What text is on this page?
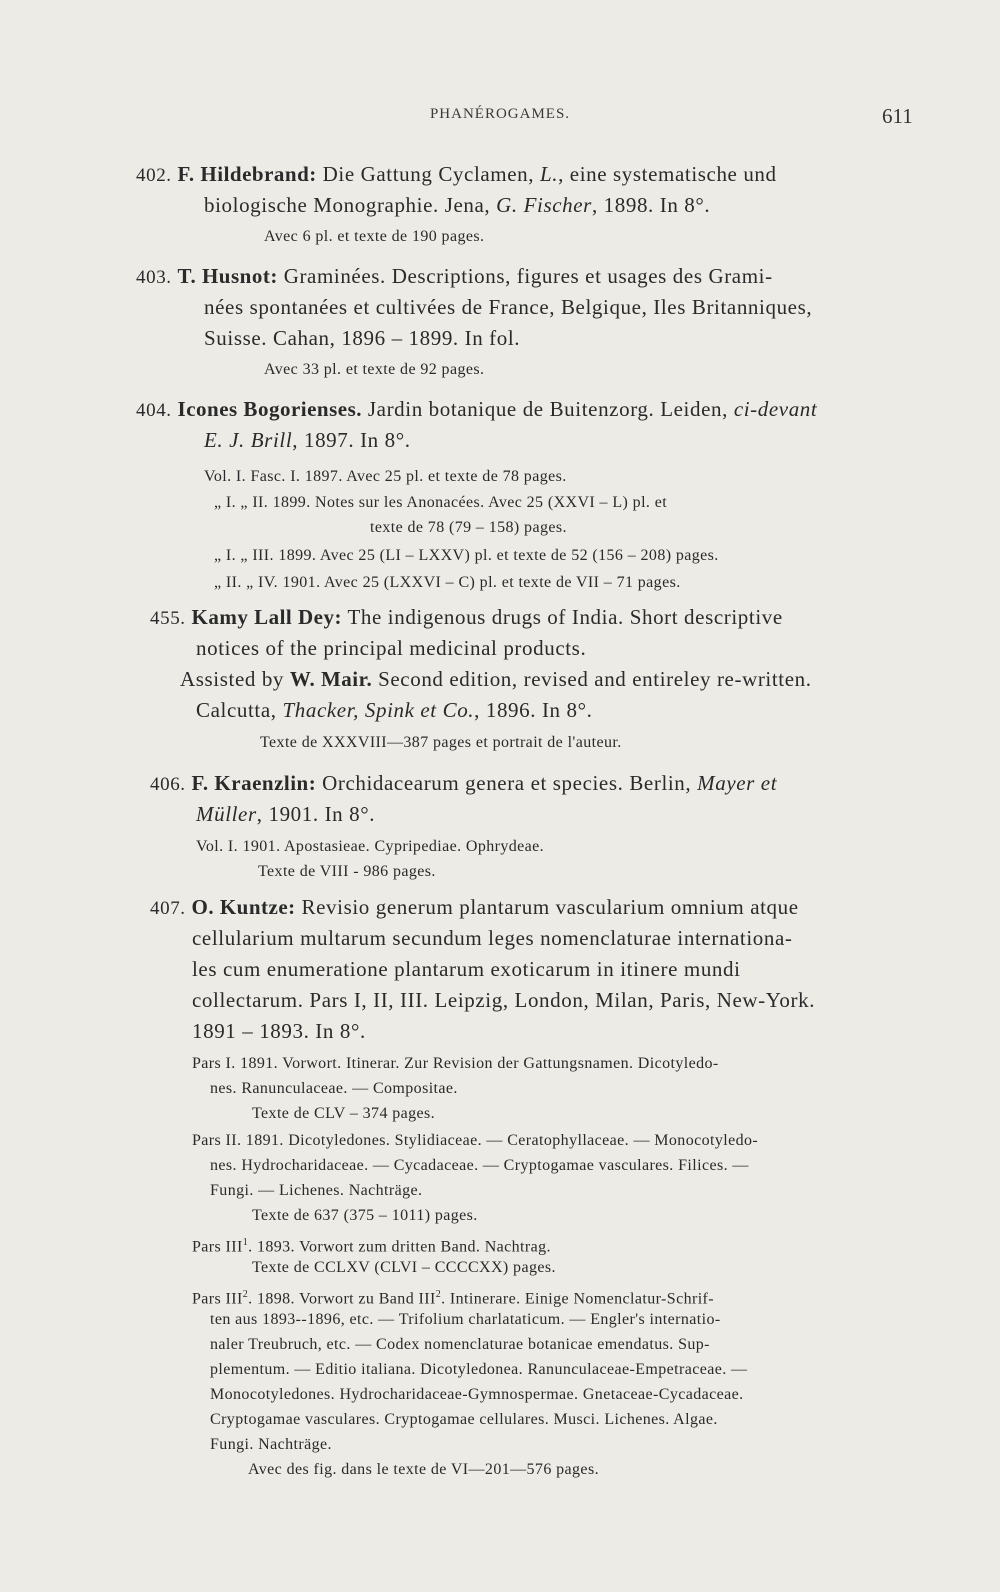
PHANÉROGAMES.	611
402. F. Hildebrand: Die Gattung Cyclamen, L., eine systematische und
biologische Monographie. Jena, G. Fischer, 1898. In 8°.
Avec 6 pl. et texte de 190 pages.
403. T. Husnot: Graminées. Descriptions, figures et usages des Grami-
nées spontanées et cultivées de France, Belgique, Iles Britanniques,
Suisse. Cahan, 1896 – 1899. In fol.
Avec 33 pl. et texte de 92 pages.
404. Icones Bogorienses. Jardin botanique de Buitenzorg. Leiden, ci-devant
E. J. Brill, 1897. In 8°.
Vol. I. Fasc. I. 1897. Avec 25 pl. et texte de 78 pages.
„ I. „ II. 1899. Notes sur les Anonacées. Avec 25 (XXVI – L) pl. et
texte de 78 (79 – 158) pages.
„ I. „ III. 1899. Avec 25 (LI – LXXV) pl. et texte de 52 (156 – 208) pages.
„ II. „ IV. 1901. Avec 25 (LXXVI – C) pl. et texte de VII – 71 pages.
455. Kamy Lall Dey: The indigenous drugs of India. Short descriptive
notices of the principal medicinal products.
Assisted by W. Mair. Second edition, revised and entireley re-written.
Calcutta, Thacker, Spink et Co., 1896. In 8°.
Texte de XXXVIII—387 pages et portrait de l'auteur.
406. F. Kraenzlin: Orchidacearum genera et species. Berlin, Mayer et
Müller, 1901. In 8°.
Vol. I. 1901. Apostasieae. Cypripediae. Ophrydeae.
Texte de VIII - 986 pages.
407. O. Kuntze: Revisio generum plantarum vascularium omnium atque
cellularium multarum secundum leges nomenclaturae internationa-
les cum enumeratione plantarum exoticarum in itinere mundi
collectarum. Pars I, II, III. Leipzig, London, Milan, Paris, New-York.
1891 – 1893. In 8°.
Pars I. 1891. Vorwort. Itinerar. Zur Revision der Gattungsnamen. Dicotyledo-
nes. Ranunculaceae. — Compositae.
Texte de CLV – 374 pages.
Pars II. 1891. Dicotyledones. Stylidiaceae. — Ceratophyllaceae. — Monocotyledo-
nes. Hydrocharidaceae. — Cycadaceae. — Cryptogamae vasculares. Filices. —
Fungi. — Lichenes. Nachträge.
Texte de 637 (375 – 1011) pages.
Pars III$^1$. 1893. Vorwort zum dritten Band. Nachtrag.
Texte de CCLXV (CLVI – CCCCXX) pages.
Pars III$^2$. 1898. Vorwort zu Band III$^2$. Intinerare. Einige Nomenclatur-Schrif-
ten aus 1893--1896, etc. — Trifolium charlataticum. — Engler's internatio-
naler Treubruch, etc. — Codex nomenclaturae botanicae emendatus. Sup-
plementum. — Editio italiana. Dicotyledonea. Ranunculaceae-Empetraceae. —
Monocotyledones. Hydrocharidaceae-Gymnospermae. Gnetaceae-Cycadaceae.
Cryptogamae vasculares. Cryptogamae cellulares. Musci. Lichenes. Algae.
Fungi. Nachträge.
Avec des fig. dans le texte de VI—201—576 pages.
